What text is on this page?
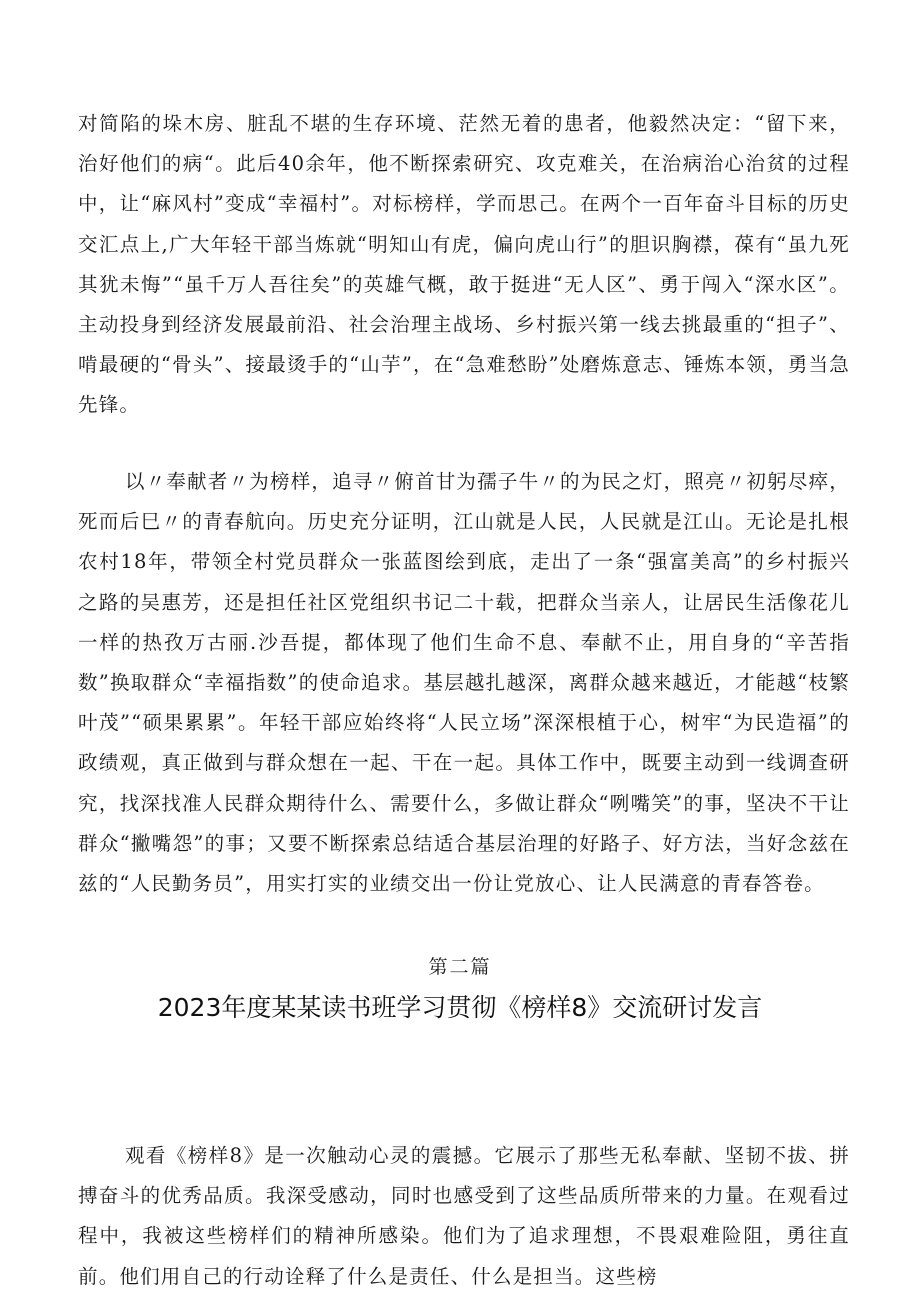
对简陷的垛木房、脏乱不堪的生存环境、茫然无着的患者，他毅然决定：“留下来，治好他们的病“。此后40余年，他不断探索研究、攻克难关，在治病治心治贫的过程中，让“麻风村”变成“幸福村”。对标榜样，学而思己。在两个一百年奋斗目标的历史交汇点上,广大年轻干部当炼就“明知山有虎，偏向虎山行”的胆识胸襟，葆有“虽九死其犹未悔”“虽千万人吾往矣”的英雄气概，敢于挺进“无人区”、勇于闯入“深水区”。主动投身到经济发展最前沿、社会治理主战场、乡村振兴第一线去挑最重的“担子”、啃最硬的“骨头”、接最烫手的“山芋”，在“急难愁盼”处磨炼意志、锤炼本领，勇当急先锋。

以〃奉献者〃为榜样，追寻〃俯首甘为孺子牛〃的为民之灯，照亮〃初躬尽瘁，死而后巳〃的青春航向。历史充分证明，江山就是人民，人民就是江山。无论是扎根农村18年，带领全村党员群众一张蓝图绘到底，走出了一条“强富美高”的乡村振兴之路的吴惠芳，还是担任社区党组织书记二十载，把群众当亲人，让居民生活像花儿一样的热孜万古丽.沙吾提，都体现了他们生命不息、奉献不止，用自身的“辛苦指数”换取群众“幸福指数”的使命追求。基层越扎越深，离群众越来越近，才能越“枝繁叶茂”“硕果累累”。年轻干部应始终将“人民立场”深深根植于心，树牢“为民造福”的政绩观，真正做到与群众想在一起、干在一起。具体工作中，既要主动到一线调查研究，找深找准人民群众期待什么、需要什么，多做让群众“咧嘴笑”的事，坚决不干让群众“撇嘴怨”的事；又要不断探索总结适合基层治理的好路子、好方法，当好念兹在兹的“人民勤务员”，用实打实的业绩交出一份让党放心、让人民满意的青春答卷。

第二篇
2023年度某某读书班学习贯彻《榜样8》交流研讨发言

观看《榜样8》是一次触动心灵的震撼。它展示了那些无私奉献、坚韧不拔、拼搏奋斗的优秀品质。我深受感动，同时也感受到了这些品质所带来的力量。在观看过程中，我被这些榜样们的精神所感染。他们为了追求理想，不畏艰难险阻，勇往直前。他们用自己的行动诠释了什么是责任、什么是担当。这些榜
